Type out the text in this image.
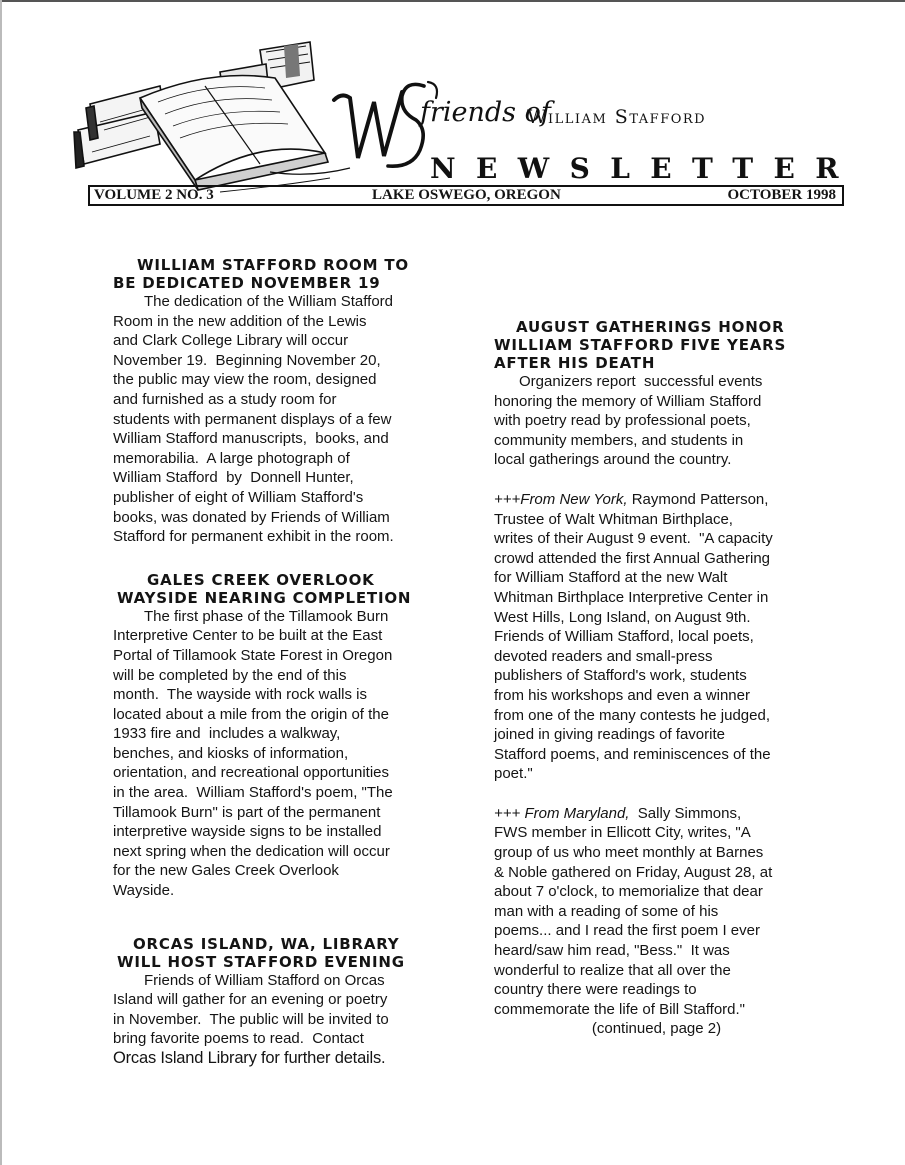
friends of
William Stafford
NEWSLETTER
VOLUME 2 NO. 3	LAKE OSWEGO, OREGON	OCTOBER 1998
WILLIAM STAFFORD ROOM TO
BE DEDICATED NOVEMBER 19
The dedication of the William Stafford
Room in the new addition of the Lewis
and Clark College Library will occur
November 19.  Beginning November 20,
the public may view the room, designed
and furnished as a study room for
students with permanent displays of a few
William Stafford manuscripts,  books, and
memorabilia.  A large photograph of
William Stafford  by  Donnell Hunter,
publisher of eight of William Stafford's
books, was donated by Friends of William
Stafford for permanent exhibit in the room.
GALES CREEK OVERLOOK
WAYSIDE NEARING COMPLETION
The first phase of the Tillamook Burn
Interpretive Center to be built at the East
Portal of Tillamook State Forest in Oregon
will be completed by the end of this
month.  The wayside with rock walls is
located about a mile from the origin of the
1933 fire and  includes a walkway,
benches, and kiosks of information,
orientation, and recreational opportunities
in the area.  William Stafford's poem, "The
Tillamook Burn" is part of the permanent
interpretive wayside signs to be installed
next spring when the dedication will occur
for the new Gales Creek Overlook
Wayside.
ORCAS ISLAND, WA, LIBRARY
WILL HOST STAFFORD EVENING
Friends of William Stafford on Orcas
Island will gather for an evening or poetry
in November.  The public will be invited to
bring favorite poems to read.  Contact
Orcas Island Library for further details.
AUGUST GATHERINGS HONOR
WILLIAM STAFFORD FIVE YEARS
AFTER HIS DEATH
Organizers report  successful events
honoring the memory of William Stafford
with poetry read by professional poets,
community members, and students in
local gatherings around the country.
+++From New York, Raymond Patterson,
Trustee of Walt Whitman Birthplace,
writes of their August 9 event.  "A capacity
crowd attended the first Annual Gathering
for William Stafford at the new Walt
Whitman Birthplace Interpretive Center in
West Hills, Long Island, on August 9th.
Friends of William Stafford, local poets,
devoted readers and small-press
publishers of Stafford's work, students
from his workshops and even a winner
from one of the many contests he judged,
joined in giving readings of favorite
Stafford poems, and reminiscences of the
poet."
+++ From Maryland,  Sally Simmons,
FWS member in Ellicott City, writes, "A
group of us who meet monthly at Barnes
& Noble gathered on Friday, August 28, at
about 7 o'clock, to memorialize that dear
man with a reading of some of his
poems... and I read the first poem I ever
heard/saw him read, "Bess."  It was
wonderful to realize that all over the
country there were readings to
commemorate the life of Bill Stafford."
(continued, page 2)
